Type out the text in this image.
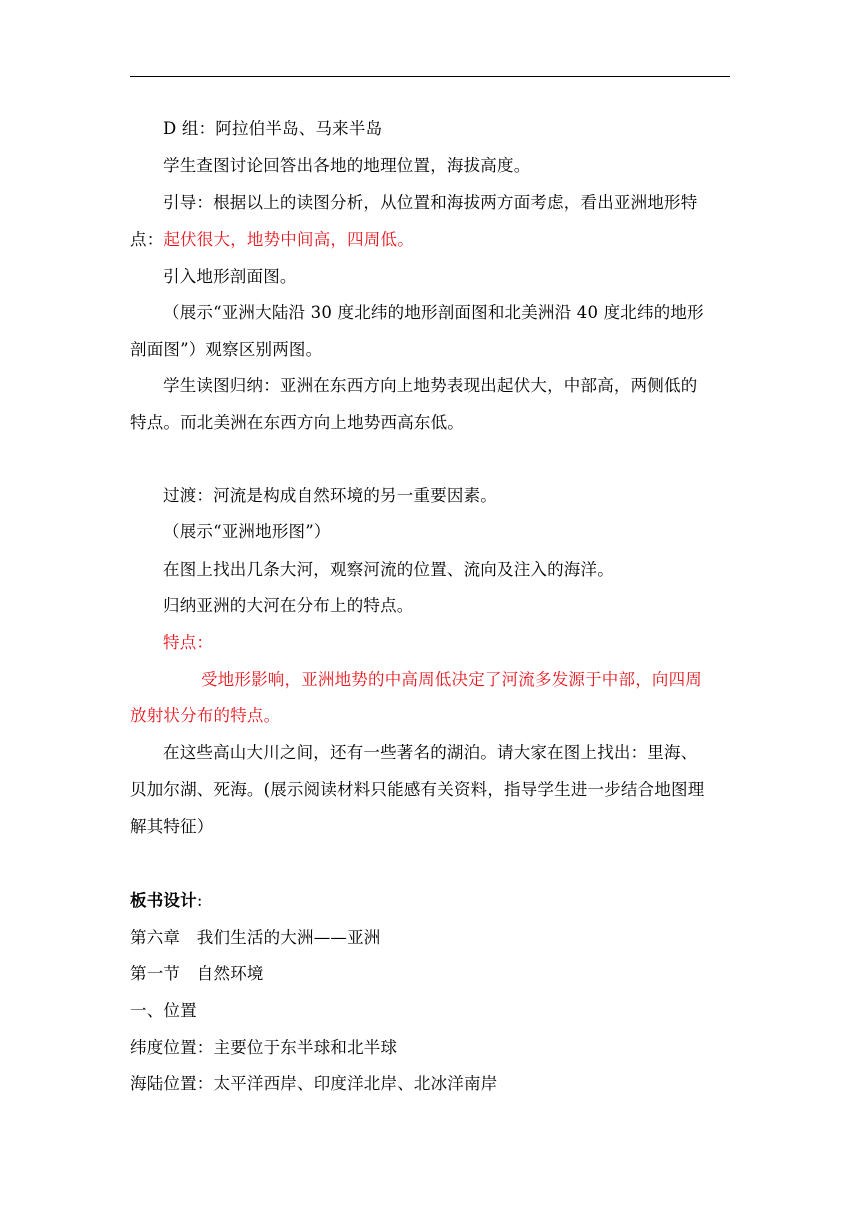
D 组：阿拉伯半岛、马来半岛
学生查图讨论回答出各地的地理位置，海拔高度。
引导：根据以上的读图分析，从位置和海拔两方面考虑，看出亚洲地形特
点：起伏很大，地势中间高，四周低。
引入地形剖面图。
（展示“亚洲大陆沿 30 度北纬的地形剖面图和北美洲沿 40 度北纬的地形
剖面图”）观察区别两图。
学生读图归纳：亚洲在东西方向上地势表现出起伏大，中部高，两侧低的
特点。而北美洲在东西方向上地势西高东低。
过渡：河流是构成自然环境的另一重要因素。
（展示“亚洲地形图”）
在图上找出几条大河，观察河流的位置、流向及注入的海洋。
归纳亚洲的大河在分布上的特点。
特点：
受地形影响，亚洲地势的中高周低决定了河流多发源于中部，向四周
放射状分布的特点。
在这些高山大川之间，还有一些著名的湖泊。请大家在图上找出：里海、
贝加尔湖、死海。(展示阅读材料只能感有关资料，指导学生进一步结合地图理
解其特征）
板书设计:
第六章　我们生活的大洲——亚洲
第一节　自然环境
一、位置
纬度位置：主要位于东半球和北半球
海陆位置：太平洋西岸、印度洋北岸、北冰洋南岸
